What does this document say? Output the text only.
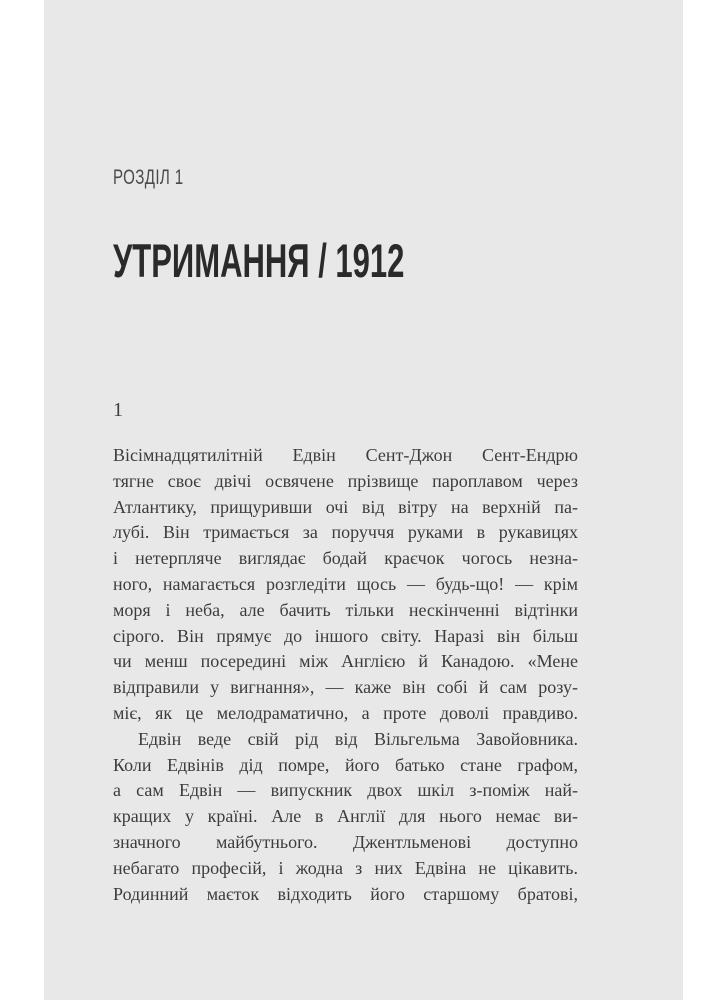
РОЗДІЛ 1
УТРИМАННЯ / 1912
1
Вісімнадцятилітній Едвін Сент-Джон Сент-Ендрю
тягне своє двічі освячене прізвище пароплавом через
Атлантику, прищуривши очі від вітру на верхній па-
лубі. Він тримається за поруччя руками в рукавицях
і нетерпляче виглядає бодай краєчок чогось незна-
ного, намагається розгледіти щось — будь-що! — крім
моря і неба, але бачить тільки нескінченні відтінки
сірого. Він прямує до іншого світу. Наразі він більш
чи менш посередині між Англією й Канадою. «Мене
відправили у вигнання», — каже він собі й сам розу-
міє, як це мелодраматично, а проте доволі правдиво.
Едвін веде свій рід від Вільгельма Завойовника.
Коли Едвінів дід помре, його батько стане графом,
а сам Едвін — випускник двох шкіл з-поміж най-
кращих у країні. Але в Англії для нього немає ви-
значного майбутнього. Джентльменові доступно
небагато професій, і жодна з них Едвіна не цікавить.
Родинний маєток відходить його старшому братові,
